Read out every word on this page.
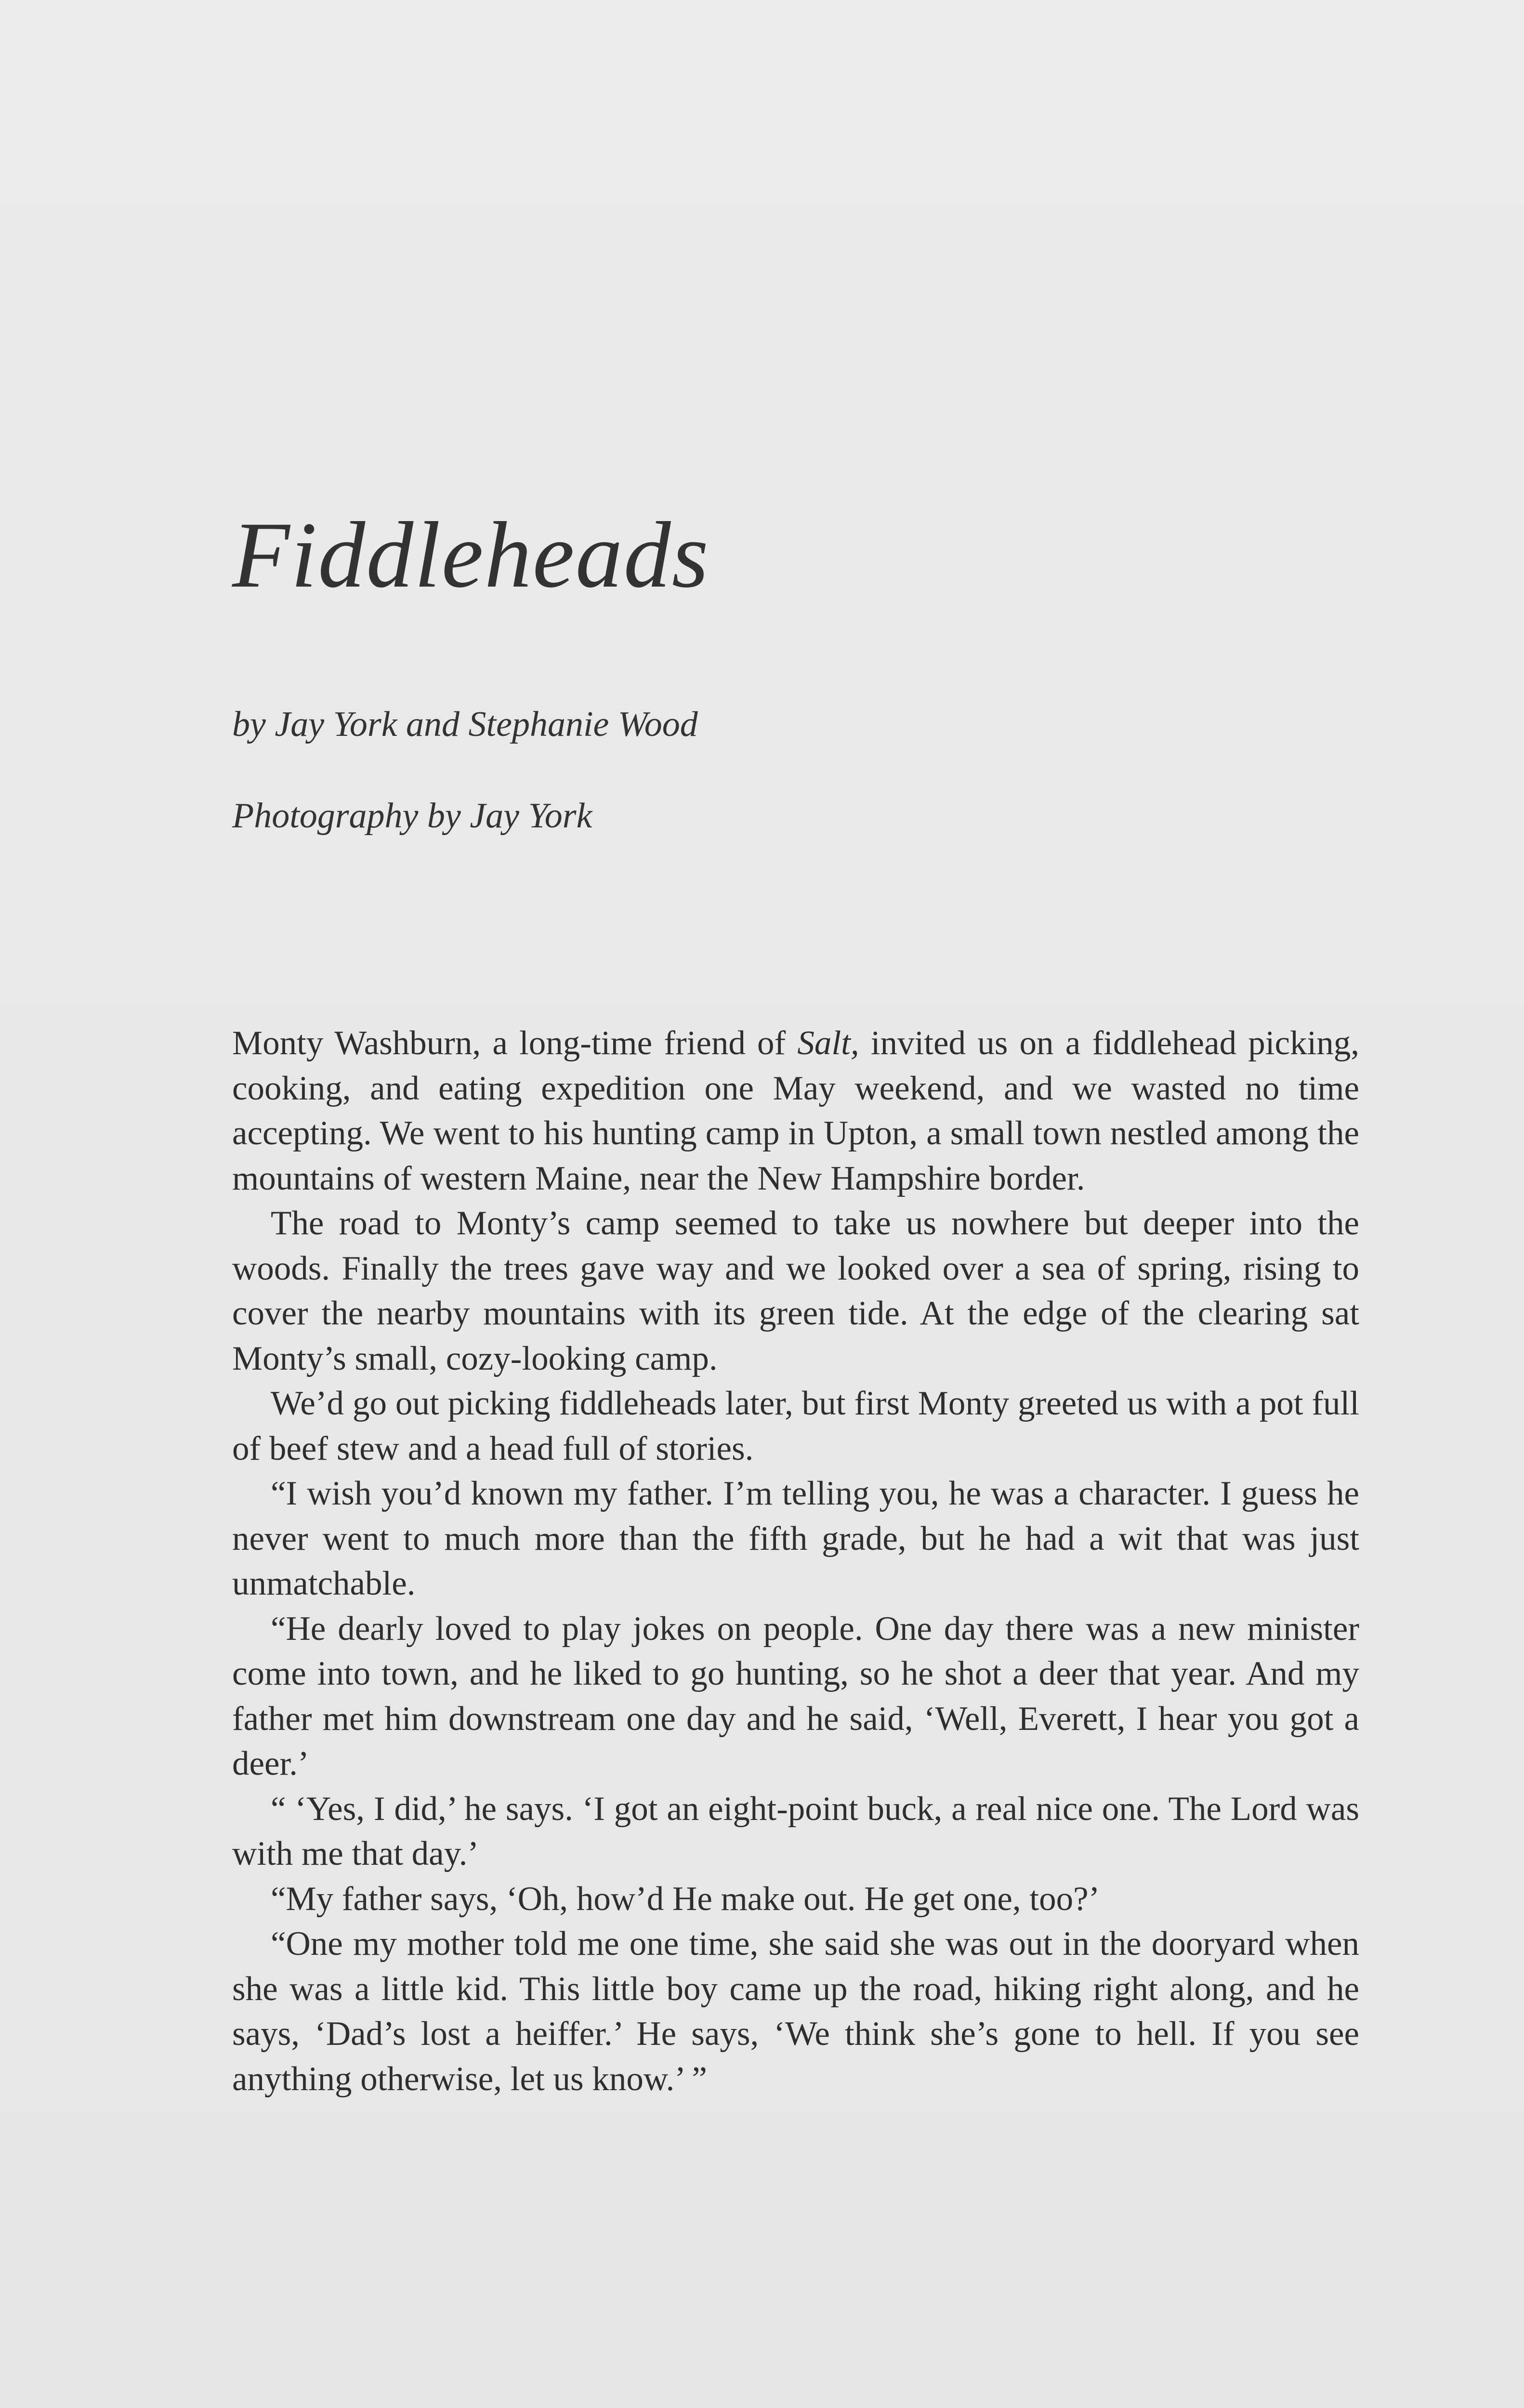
Fiddleheads

by Jay York and Stephanie Wood

Photography by Jay York

Monty Washburn, a long-time friend of Salt, invited us on a fiddlehead picking, cooking, and eating expedition one May weekend, and we wasted no time accepting. We went to his hunting camp in Upton, a small town nestled among the mountains of western Maine, near the New Hampshire border.

The road to Monty’s camp seemed to take us nowhere but deeper into the woods. Finally the trees gave way and we looked over a sea of spring, rising to cover the nearby mountains with its green tide. At the edge of the clearing sat Monty’s small, cozy-looking camp.

We’d go out picking fiddleheads later, but first Monty greeted us with a pot full of beef stew and a head full of stories.

“I wish you’d known my father. I’m telling you, he was a character. I guess he never went to much more than the fifth grade, but he had a wit that was just unmatchable.

“He dearly loved to play jokes on people. One day there was a new minister come into town, and he liked to go hunting, so he shot a deer that year. And my father met him downstream one day and he said, ‘Well, Everett, I hear you got a deer.’

“ ‘Yes, I did,’ he says. ‘I got an eight-point buck, a real nice one. The Lord was with me that day.’

“My father says, ‘Oh, how’d He make out. He get one, too?’

“One my mother told me one time, she said she was out in the dooryard when she was a little kid. This little boy came up the road, hiking right along, and he says, ‘Dad’s lost a heiffer.’ He says, ‘We think she’s gone to hell. If you see anything otherwise, let us know.’ ”
